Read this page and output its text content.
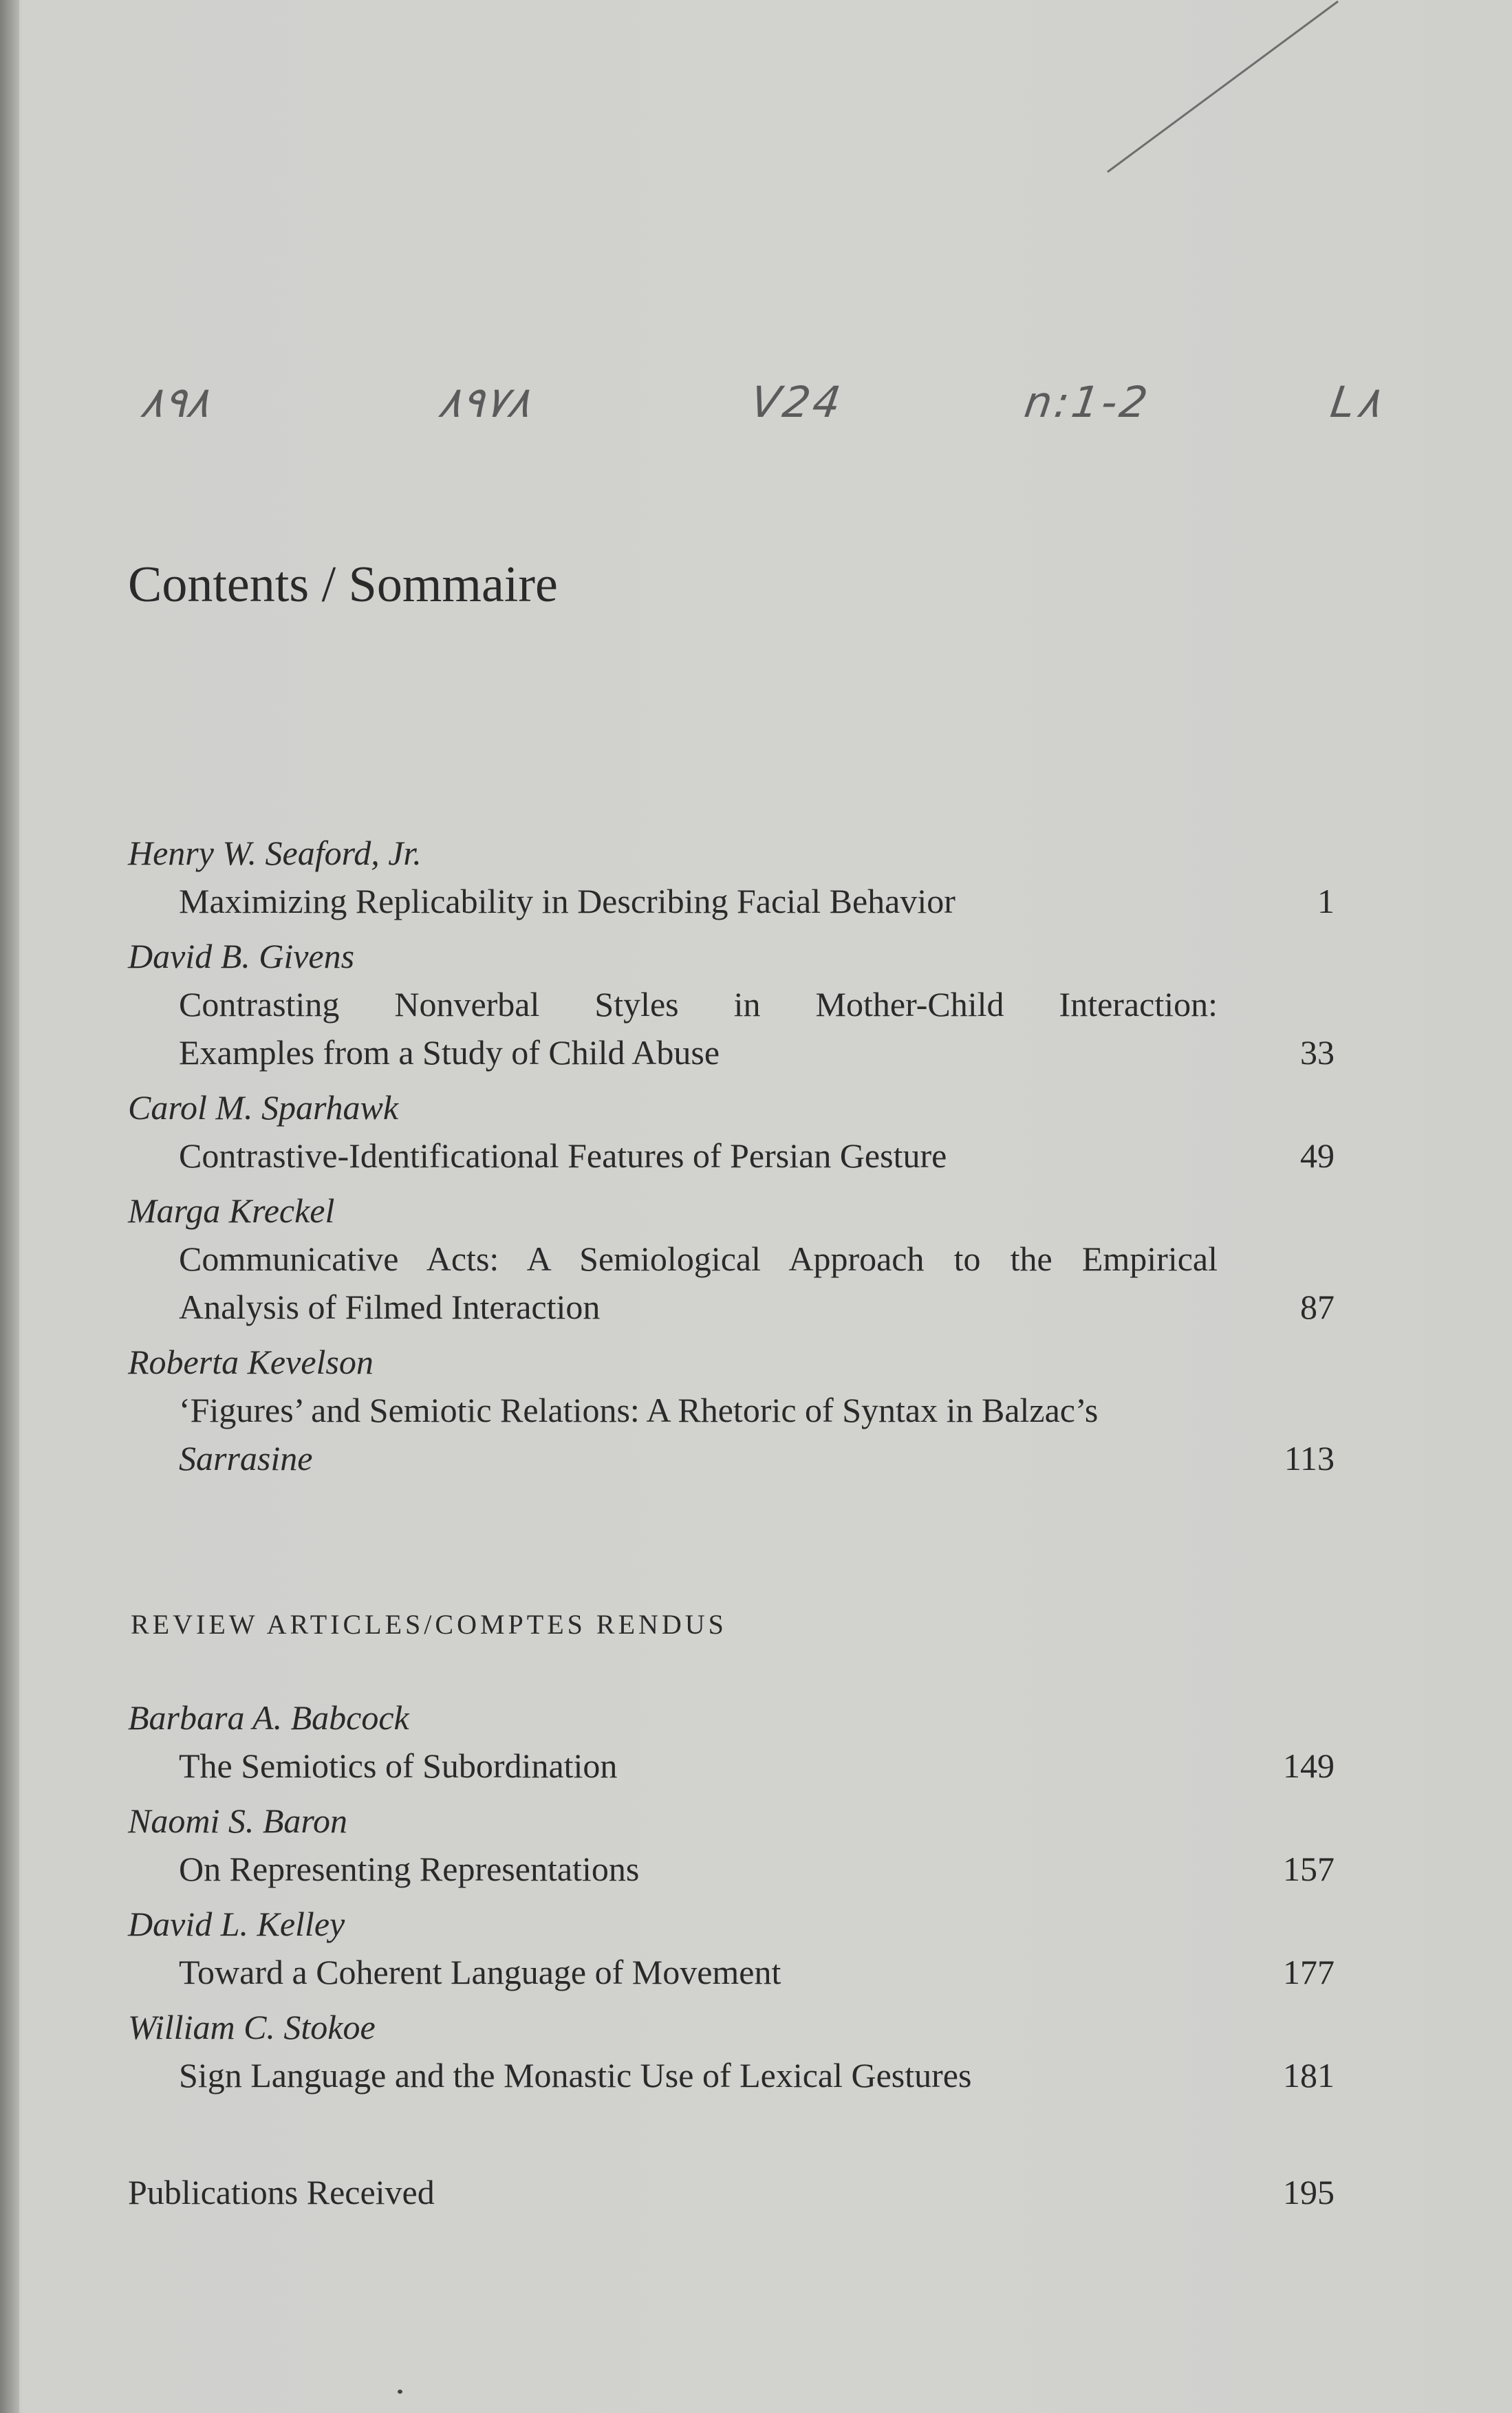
۸۹۸	۸۹۷۸	V24	n:1-2	L۸
Contents / Sommaire
Henry W. Seaford, Jr.
Maximizing Replicability in Describing Facial Behavior	1
David B. Givens
Contrasting Nonverbal Styles in Mother-Child Interaction:
Examples from a Study of Child Abuse	33
Carol M. Sparhawk
Contrastive-Identificational Features of Persian Gesture	49
Marga Kreckel
Communicative Acts: A Semiological Approach to the Empirical
Analysis of Filmed Interaction	87
Roberta Kevelson
‘Figures’ and Semiotic Relations: A Rhetoric of Syntax in Balzac’s
Sarrasine	113
REVIEW ARTICLES/COMPTES RENDUS
Barbara A. Babcock
The Semiotics of Subordination	149
Naomi S. Baron
On Representing Representations	157
David L. Kelley
Toward a Coherent Language of Movement	177
William C. Stokoe
Sign Language and the Monastic Use of Lexical Gestures	181
Publications Received	195
